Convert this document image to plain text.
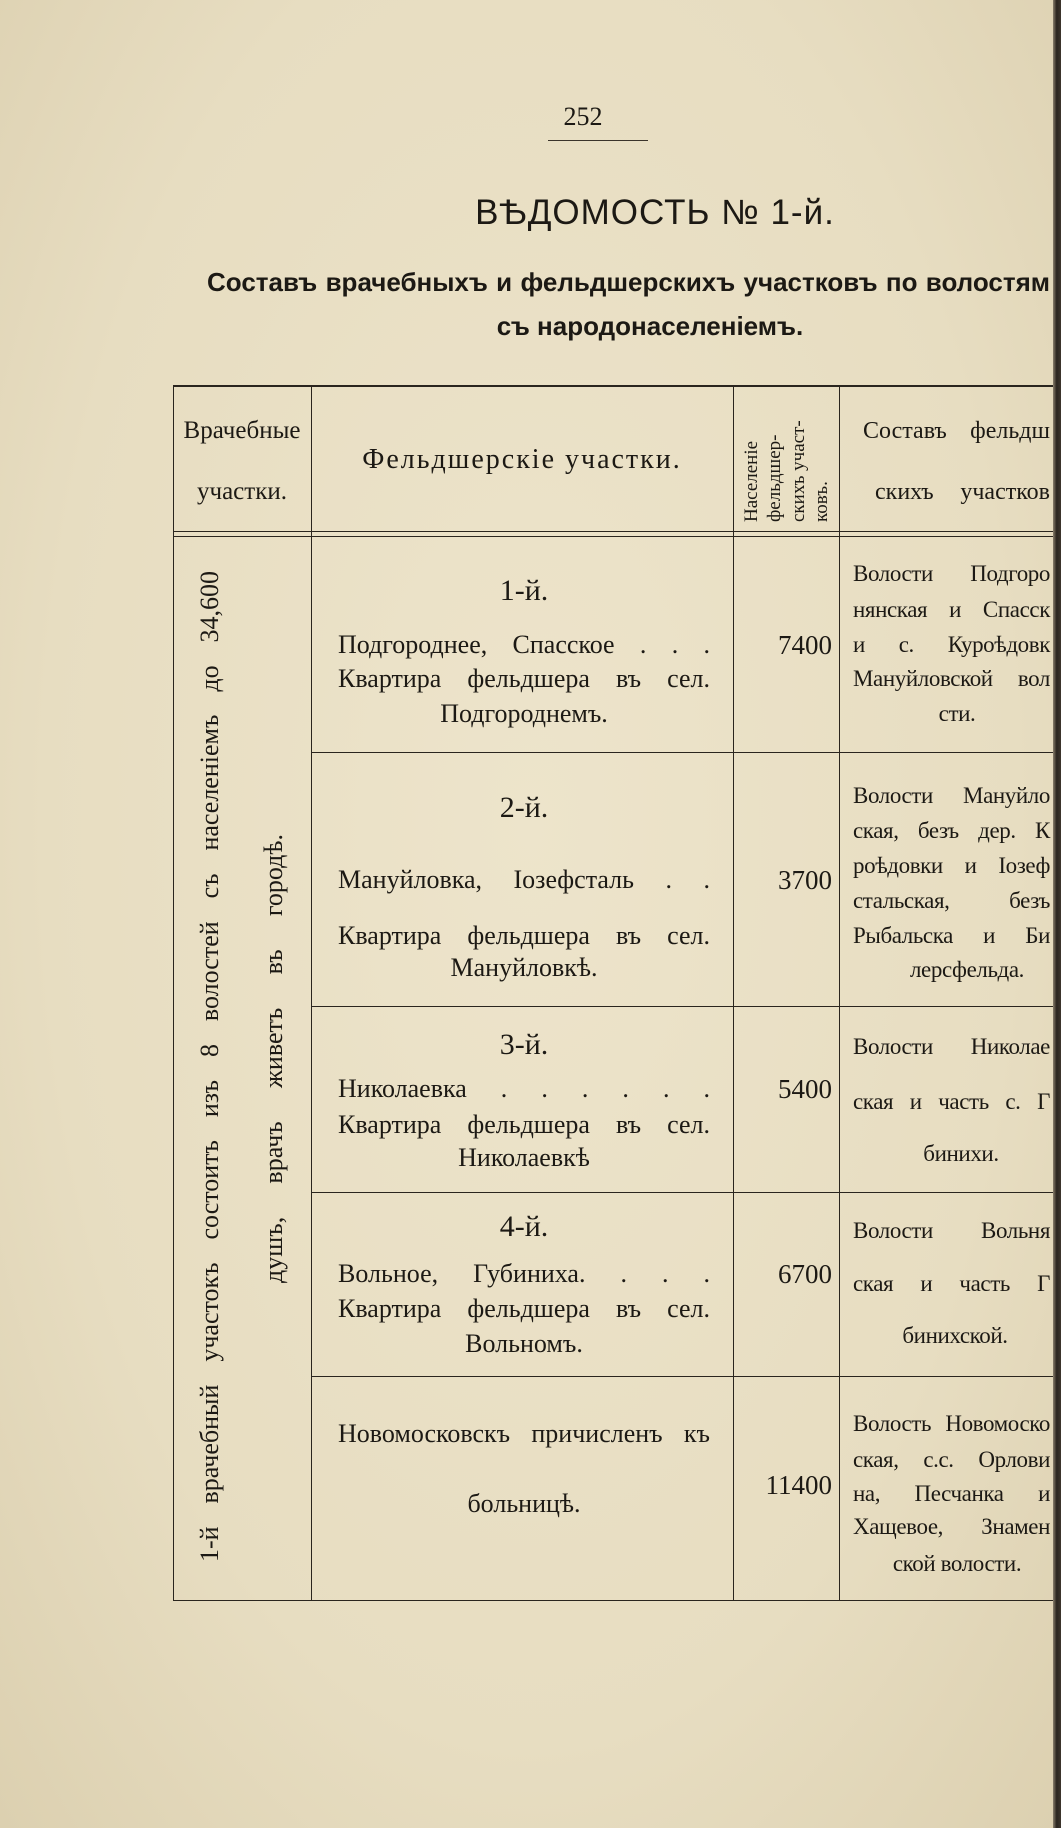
252
ВѢДОМОСТЬ № 1-й.
Составъ врачебныхъ и фельдшерскихъ участковъ по волостям
съ народонаселеніемъ.
Врачебные
участки.
Фельдшерскіе участки.	Населеніе фельдшер- скихъ участ- ковъ.
Составъ фельдш
скихъ участков
1-й врачебный участокъ состоитъ изъ 8 волостей съ населеніемъ до 34,600 душъ, врачъ живетъ въ городѣ.
1-й.
Подгороднее, Спасское . . .
Квартира фельдшера въ сел.
Подгороднемъ.
7400
Волости Подгоро
нянская и Спасск
и с. Куроѣдовк
Мануйловской вол
сти.
2-й.
Мануйловка, Іозефсталь . .
Квартира фельдшера въ сел.
Мануйловкѣ.
3700
Волости Мануйло
ская, безъ дер. К
роѣдовки и Іозеф
стальская, безъ
Рыбальска и Би
лерсфельда.
3-й.
Николаевка . . . . . .
Квартира фельдшера въ сел.
Николаевкѣ
5400
Волости Николае
ская и часть с. Г
бинихи.
4-й.
Вольное, Губиниха. . . .
Квартира фельдшера въ сел.
Вольномъ.
6700
Волости Вольня
ская и часть Г
бинихской.
Новомосковскъ причисленъ къ
больницѣ.
11400
Волость Новомоско
ская, с.с. Орлови
на, Песчанка и
Хащевое, Знамен
ской волости.
